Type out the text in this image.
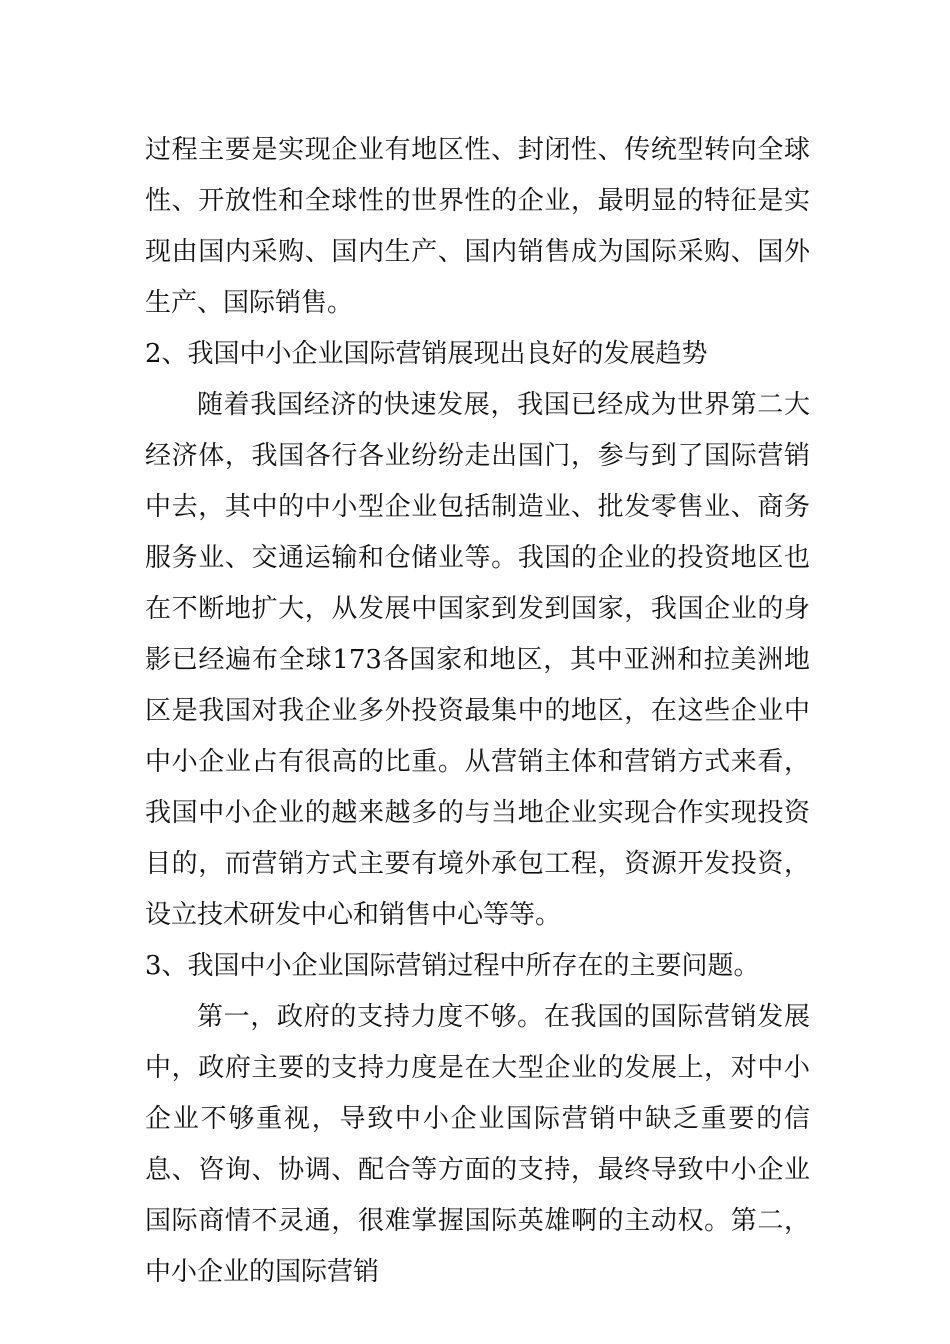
过程主要是实现企业有地区性、封闭性、传统型转向全球性、开放性和全球性的世界性的企业，最明显的特征是实现由国内采购、国内生产、国内销售成为国际采购、国外生产、国际销售。

2、我国中小企业国际营销展现出良好的发展趋势

随着我国经济的快速发展，我国已经成为世界第二大经济体，我国各行各业纷纷走出国门，参与到了国际营销中去，其中的中小型企业包括制造业、批发零售业、商务服务业、交通运输和仓储业等。我国的企业的投资地区也在不断地扩大，从发展中国家到发到国家，我国企业的身影已经遍布全球173各国家和地区，其中亚洲和拉美洲地区是我国对我企业多外投资最集中的地区，在这些企业中中小企业占有很高的比重。从营销主体和营销方式来看，我国中小企业的越来越多的与当地企业实现合作实现投资目的，而营销方式主要有境外承包工程，资源开发投资，设立技术研发中心和销售中心等等。

3、我国中小企业国际营销过程中所存在的主要问题。

第一，政府的支持力度不够。在我国的国际营销发展中，政府主要的支持力度是在大型企业的发展上，对中小企业不够重视，导致中小企业国际营销中缺乏重要的信息、咨询、协调、配合等方面的支持，最终导致中小企业国际商情不灵通，很难掌握国际英雄啊的主动权。第二，中小企业的国际营销
